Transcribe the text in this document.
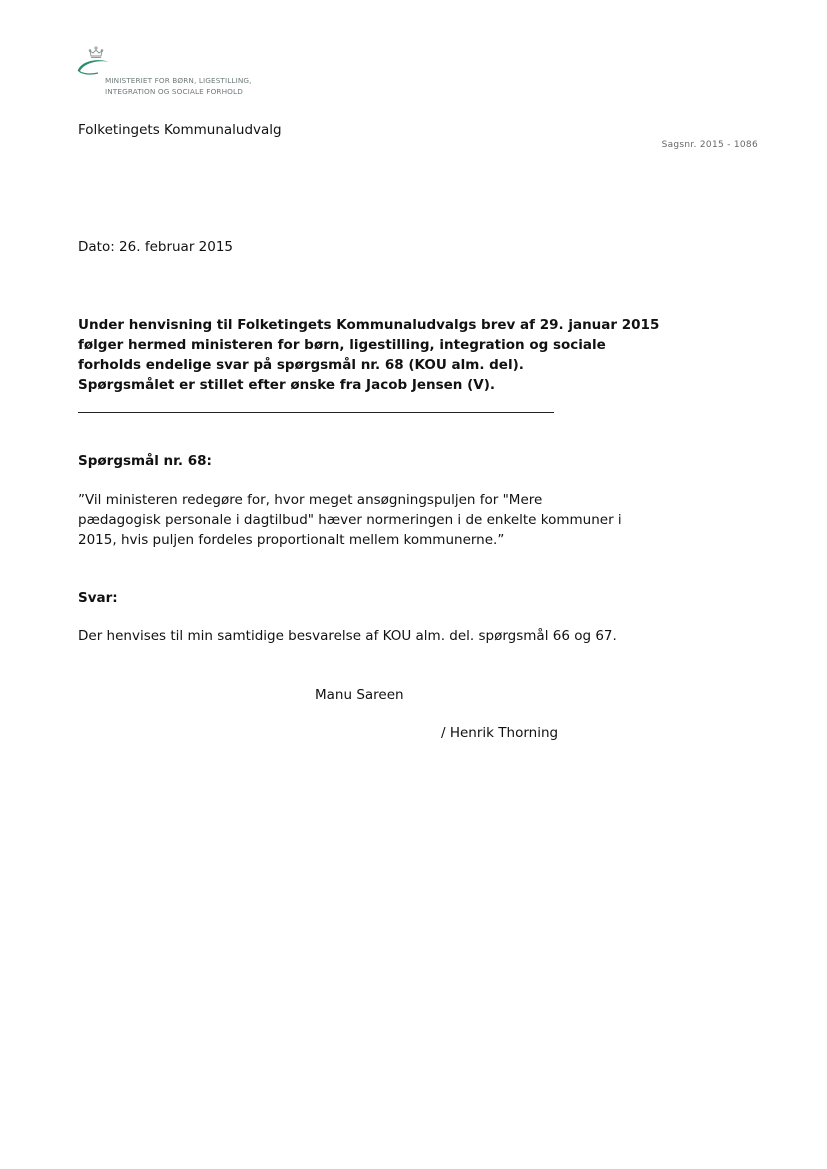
MINISTERIET FOR BØRN, LIGESTILLING,
INTEGRATION OG SOCIALE FORHOLD
Folketingets Kommunaludvalg
Sagsnr. 2015 - 1086
Dato: 26. februar 2015
Under henvisning til Folketingets Kommunaludvalgs brev af 29. januar 2015
følger hermed ministeren for børn, ligestilling, integration og sociale
forholds endelige svar på spørgsmål nr. 68 (KOU alm. del).
Spørgsmålet er stillet efter ønske fra Jacob Jensen (V).
Spørgsmål nr. 68:
”Vil ministeren redegøre for, hvor meget ansøgningspuljen for "Mere
pædagogisk personale i dagtilbud" hæver normeringen i de enkelte kommuner i
2015, hvis puljen fordeles proportionalt mellem kommunerne.”
Svar:
Der henvises til min samtidige besvarelse af KOU alm. del. spørgsmål 66 og 67.
Manu Sareen
/ Henrik Thorning
